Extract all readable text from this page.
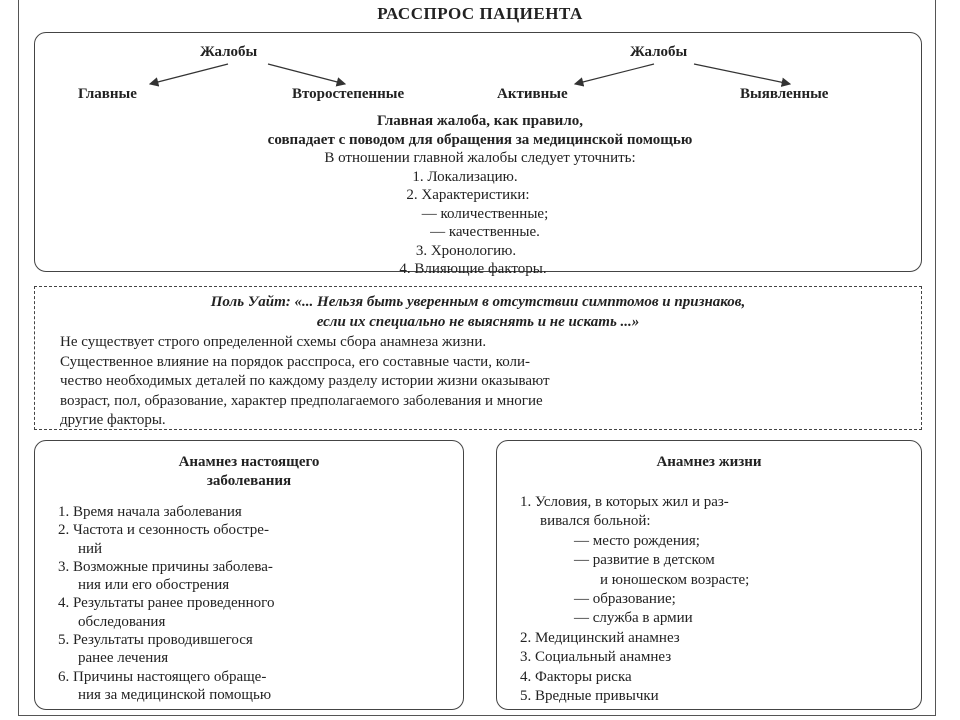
РАССПРОС ПАЦИЕНТА
Жалобы
Главные	Второстепенные
Жалобы
Активные	Выявленные
Главная жалоба, как правило,
совпадает с поводом для обращения за медицинской помощью
В отношении главной жалобы следует уточнить:
1. Локализацию.
2. Характеристики:
— количественные;
— качественные.
3. Хронологию.
4. Влияющие факторы.
Поль Уайт: «... Нельзя быть уверенным в отсутствии симптомов и признаков,
если их специально не выяснять и не искать ...»
Не существует строго определенной схемы сбора анамнеза жизни.
Существенное влияние на порядок расспроса, его составные части, коли-
чество необходимых деталей по каждому разделу истории жизни оказывают
возраст, пол, образование, характер предполагаемого заболевания и многие
другие факторы.
Анамнез настоящего
заболевания
1. Время начала заболевания
2. Частота и сезонность обостре-
ний
3. Возможные причины заболева-
ния или его обострения
4. Результаты ранее проведенного
обследования
5. Результаты проводившегося
ранее лечения
6. Причины настоящего обраще-
ния за медицинской помощью
Анамнез жизни
1. Условия, в которых жил и раз-
вивался больной:
— место рождения;
— развитие в детском
и юношеском возрасте;
— образование;
— служба в армии
2. Медицинский анамнез
3. Социальный анамнез
4. Факторы риска
5. Вредные привычки
